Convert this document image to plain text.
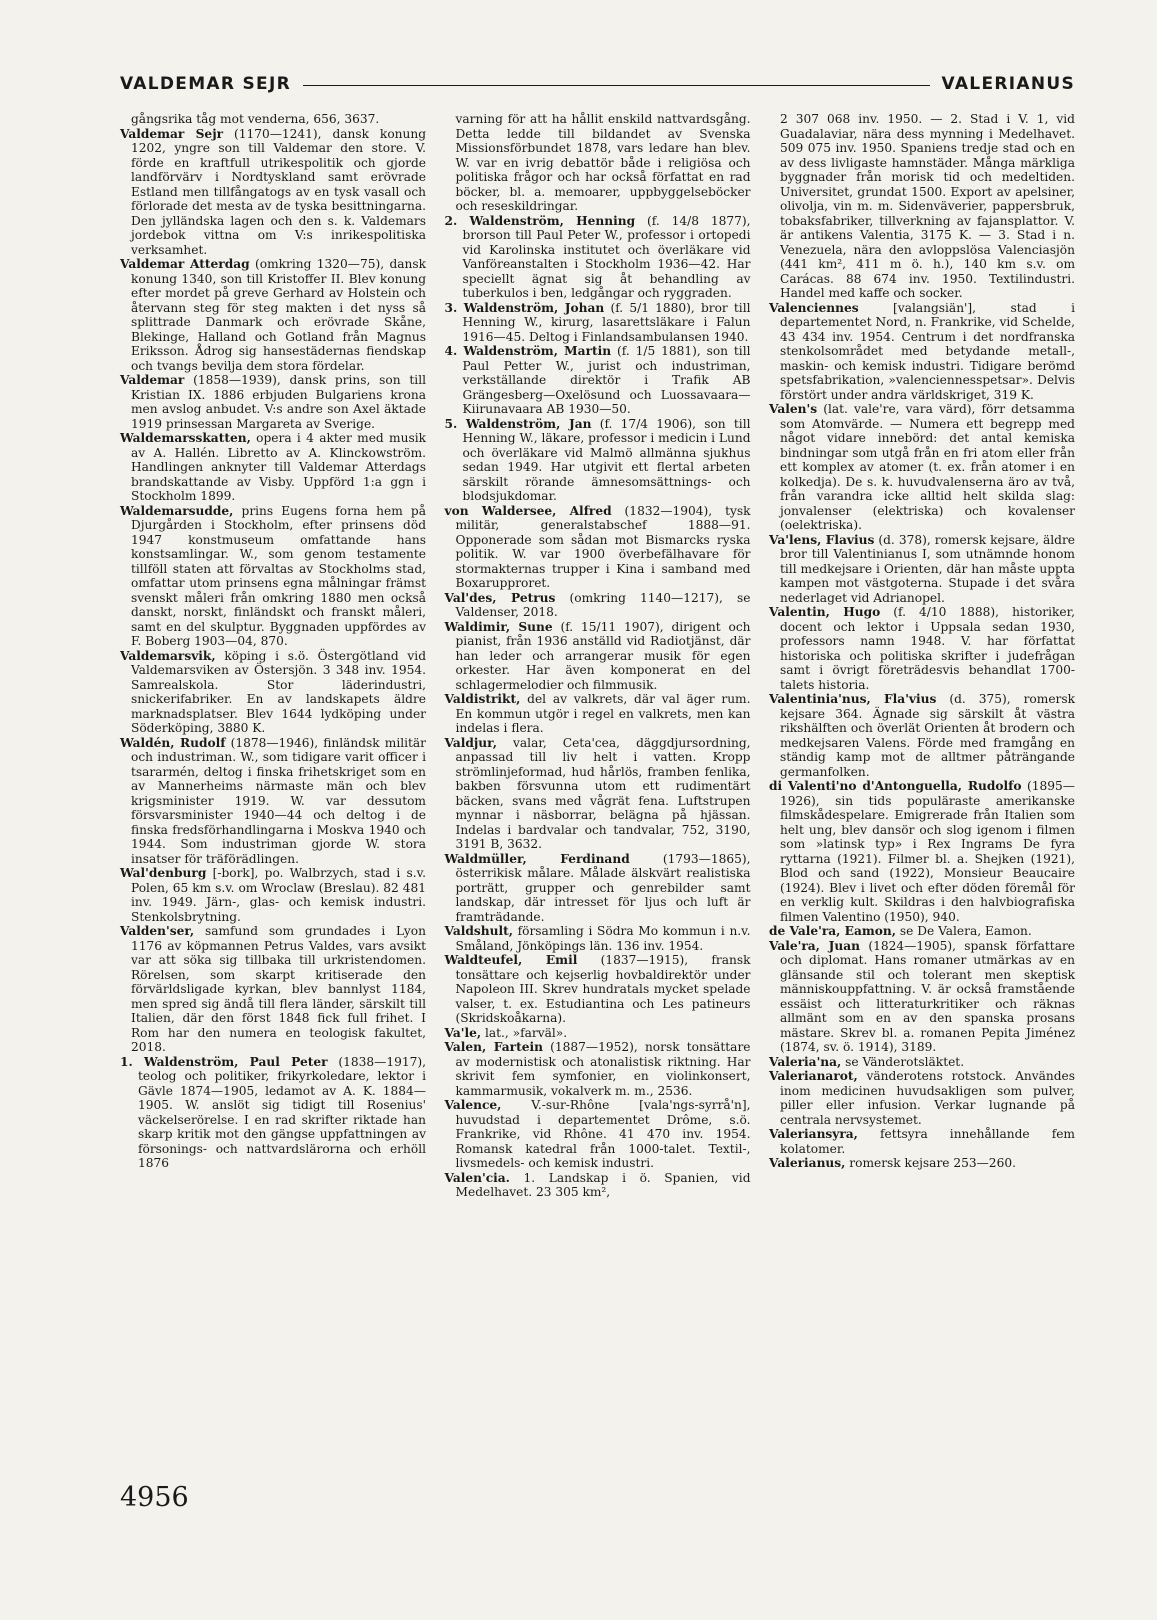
VALDEMAR SEJR	VALERIANUS

gångsrika tåg mot venderna, 656, 3637.

Valdemar Sejr (1170—1241), dansk konung 1202, yngre son till Valdemar den store. V. förde en kraftfull utrikespolitik och gjorde landförvärv i Nordtyskland samt erövrade Estland men tillfångatogs av en tysk vasall och förlorade det mesta av de tyska besittningarna. Den jylländska lagen och den s. k. Valdemars jordebok vittna om V:s inrikespolitiska verksamhet.

Valdemar Atterdag (omkring 1320—75), dansk konung 1340, son till Kristoffer II. Blev konung efter mordet på greve Gerhard av Holstein och återvann steg för steg makten i det nyss så splittrade Danmark och erövrade Skåne, Blekinge, Halland och Gotland från Magnus Eriksson. Ådrog sig hansestädernas fiendskap och tvangs bevilja dem stora fördelar.

Valdemar (1858—1939), dansk prins, son till Kristian IX. 1886 erbjuden Bulgariens krona men avslog anbudet. V:s andre son Axel äktade 1919 prinsessan Margareta av Sverige.

Waldemarsskatten, opera i 4 akter med musik av A. Hallén. Libretto av A. Klinckowström. Handlingen anknyter till Valdemar Atterdags brandskattande av Visby. Uppförd 1:a ggn i Stockholm 1899.

Waldemarsudde, prins Eugens forna hem på Djurgården i Stockholm, efter prinsens död 1947 konstmuseum omfattande hans konstsamlingar. W., som genom testamente tillföll staten att förvaltas av Stockholms stad, omfattar utom prinsens egna målningar främst svenskt måleri från omkring 1880 men också danskt, norskt, finländskt och franskt måleri, samt en del skulptur. Byggnaden uppfördes av F. Boberg 1903—04, 870.

Valdemarsvik, köping i s.ö. Östergötland vid Valdemarsviken av Östersjön. 3 348 inv. 1954. Samrealskola. Stor läderindustri, snickerifabriker. En av landskapets äldre marknadsplatser. Blev 1644 lydköping under Söderköping, 3880 K.

Waldén, Rudolf (1878—1946), finländsk militär och industriman. W., som tidigare varit officer i tsararmén, deltog i finska frihetskriget som en av Mannerheims närmaste män och blev krigsminister 1919. W. var dessutom försvarsminister 1940—44 och deltog i de finska fredsförhandlingarna i Moskva 1940 och 1944. Som industriman gjorde W. stora insatser för träförädlingen.

Wal'denburg [-bork], po. Walbrzych, stad i s.v. Polen, 65 km s.v. om Wroclaw (Breslau). 82 481 inv. 1949. Järn-, glas- och kemisk industri. Stenkolsbrytning.

Valden'ser, samfund som grundades i Lyon 1176 av köpmannen Petrus Valdes, vars avsikt var att söka sig tillbaka till urkristendomen. Rörelsen, som skarpt kritiserade den förvärldsligade kyrkan, blev bannlyst 1184, men spred sig ändå till flera länder, särskilt till Italien, där den först 1848 fick full frihet. I Rom har den numera en teologisk fakultet, 2018.

1. Waldenström, Paul Peter (1838—1917), teolog och politiker, frikyrkoledare, lektor i Gävle 1874—1905, ledamot av A. K. 1884—1905. W. anslöt sig tidigt till Rosenius' väckelserörelse. I en rad skrifter riktade han skarp kritik mot den gängse uppfattningen av försonings- och nattvardslärorna och erhöll 1876

varning för att ha hållit enskild nattvardsgång. Detta ledde till bildandet av Svenska Missionsförbundet 1878, vars ledare han blev. W. var en ivrig debattör både i religiösa och politiska frågor och har också författat en rad böcker, bl. a. memoarer, uppbyggelseböcker och reseskildringar.

2. Waldenström, Henning (f. 14/8 1877), brorson till Paul Peter W., professor i ortopedi vid Karolinska institutet och överläkare vid Vanföreanstalten i Stockholm 1936—42. Har speciellt ägnat sig åt behandling av tuberkulos i ben, ledgångar och ryggraden.

3. Waldenström, Johan (f. 5/1 1880), bror till Henning W., kirurg, lasarettsläkare i Falun 1916—45. Deltog i Finlandsambulansen 1940.

4. Waldenström, Martin (f. 1/5 1881), son till Paul Petter W., jurist och industriman, verkställande direktör i Trafik AB Grängesberg—Oxelösund och Luossavaara—Kiirunavaara AB 1930—50.

5. Waldenström, Jan (f. 17/4 1906), son till Henning W., läkare, professor i medicin i Lund och överläkare vid Malmö allmänna sjukhus sedan 1949. Har utgivit ett flertal arbeten särskilt rörande ämnesomsättnings- och blodsjukdomar.

von Waldersee, Alfred (1832—1904), tysk militär, generalstabschef 1888—91. Opponerade som sådan mot Bismarcks ryska politik. W. var 1900 överbefälhavare för stormakternas trupper i Kina i samband med Boxarupproret.

Val'des, Petrus (omkring 1140—1217), se Valdenser, 2018.

Waldimir, Sune (f. 15/11 1907), dirigent och pianist, från 1936 anställd vid Radiotjänst, där han leder och arrangerar musik för egen orkester. Har även komponerat en del schlagermelodier och filmmusik.

Valdistrikt, del av valkrets, där val äger rum. En kommun utgör i regel en valkrets, men kan indelas i flera.

Valdjur, valar, Ceta'cea, däggdjursordning, anpassad till liv helt i vatten. Kropp strömlinjeformad, hud hårlös, framben fenlika, bakben försvunna utom ett rudimentärt bäcken, svans med vågrät fena. Luftstrupen mynnar i näsborrar, belägna på hjässan. Indelas i bardvalar och tandvalar, 752, 3190, 3191 B, 3632.

Waldmüller, Ferdinand (1793—1865), österrikisk målare. Målade älskvärt realistiska porträtt, grupper och genrebilder samt landskap, där intresset för ljus och luft är framträdande.

Valdshult, församling i Södra Mo kommun i n.v. Småland, Jönköpings län. 136 inv. 1954.

Waldteufel, Emil (1837—1915), fransk tonsättare och kejserlig hovbaldirektör under Napoleon III. Skrev hundratals mycket spelade valser, t. ex. Estudiantina och Les patineurs (Skridskoåkarna).

Va'le, lat., »farväl».

Valen, Fartein (1887—1952), norsk tonsättare av modernistisk och atonalistisk riktning. Har skrivit fem symfonier, en violinkonsert, kammarmusik, vokalverk m. m., 2536.

Valence, V.-sur-Rhône [vala'ngs-syrrå'n], huvudstad i departementet Drôme, s.ö. Frankrike, vid Rhône. 41 470 inv. 1954. Romansk katedral från 1000-talet. Textil-, livsmedels- och kemisk industri.

Valen'cia. 1. Landskap i ö. Spanien, vid Medelhavet. 23 305 km²,

2 307 068 inv. 1950. — 2. Stad i V. 1, vid Guadalaviar, nära dess mynning i Medelhavet. 509 075 inv. 1950. Spaniens tredje stad och en av dess livligaste hamnstäder. Många märkliga byggnader från morisk tid och medeltiden. Universitet, grundat 1500. Export av apelsiner, olivolja, vin m. m. Sidenväverier, pappersbruk, tobaksfabriker, tillverkning av fajansplattor. V. är antikens Valentia, 3175 K. — 3. Stad i n. Venezuela, nära den avloppslösa Valenciasjön (441 km², 411 m ö. h.), 140 km s.v. om Carácas. 88 674 inv. 1950. Textilindustri. Handel med kaffe och socker.

Valenciennes [valangsiän'], stad i departementet Nord, n. Frankrike, vid Schelde, 43 434 inv. 1954. Centrum i det nordfranska stenkolsområdet med betydande metall-, maskin- och kemisk industri. Tidigare berömd spetsfabrikation, »valenciennesspetsar». Delvis förstört under andra världskriget, 319 K.

Valen's (lat. vale're, vara värd), förr detsamma som Atomvärde. — Numera ett begrepp med något vidare innebörd: det antal kemiska bindningar som utgå från en fri atom eller från ett komplex av atomer (t. ex. från atomer i en kolkedja). De s. k. huvudvalenserna äro av två, från varandra icke alltid helt skilda slag: jonvalenser (elektriska) och kovalenser (oelektriska).

Va'lens, Flavius (d. 378), romersk kejsare, äldre bror till Valentinianus I, som utnämnde honom till medkejsare i Orienten, där han måste uppta kampen mot västgoterna. Stupade i det svåra nederlaget vid Adrianopel.

Valentin, Hugo (f. 4/10 1888), historiker, docent och lektor i Uppsala sedan 1930, professors namn 1948. V. har författat historiska och politiska skrifter i judefrågan samt i övrigt företrädesvis behandlat 1700-talets historia.

Valentinia'nus, Fla'vius (d. 375), romersk kejsare 364. Ägnade sig särskilt åt västra rikshälften och överlät Orienten åt brodern och medkejsaren Valens. Förde med framgång en ständig kamp mot de alltmer påträngande germanfolken.

di Valenti'no d'Antonguella, Rudolfo (1895—1926), sin tids populäraste amerikanske filmskådespelare. Emigrerade från Italien som helt ung, blev dansör och slog igenom i filmen som »latinsk typ» i Rex Ingrams De fyra ryttarna (1921). Filmer bl. a. Shejken (1921), Blod och sand (1922), Monsieur Beaucaire (1924). Blev i livet och efter döden föremål för en verklig kult. Skildras i den halvbiografiska filmen Valentino (1950), 940.

de Vale'ra, Eamon, se De Valera, Eamon.

Vale'ra, Juan (1824—1905), spansk författare och diplomat. Hans romaner utmärkas av en glänsande stil och tolerant men skeptisk människouppfattning. V. är också framstående essäist och litteraturkritiker och räknas allmänt som en av den spanska prosans mästare. Skrev bl. a. romanen Pepita Jiménez (1874, sv. ö. 1914), 3189.

Valeria'na, se Vänderotsläktet.

Valerianarot, vänderotens rotstock. Användes inom medicinen huvudsakligen som pulver, piller eller infusion. Verkar lugnande på centrala nervsystemet.

Valeriansyra, fettsyra innehållande fem kolatomer.

Valerianus, romersk kejsare 253—260.

4956
